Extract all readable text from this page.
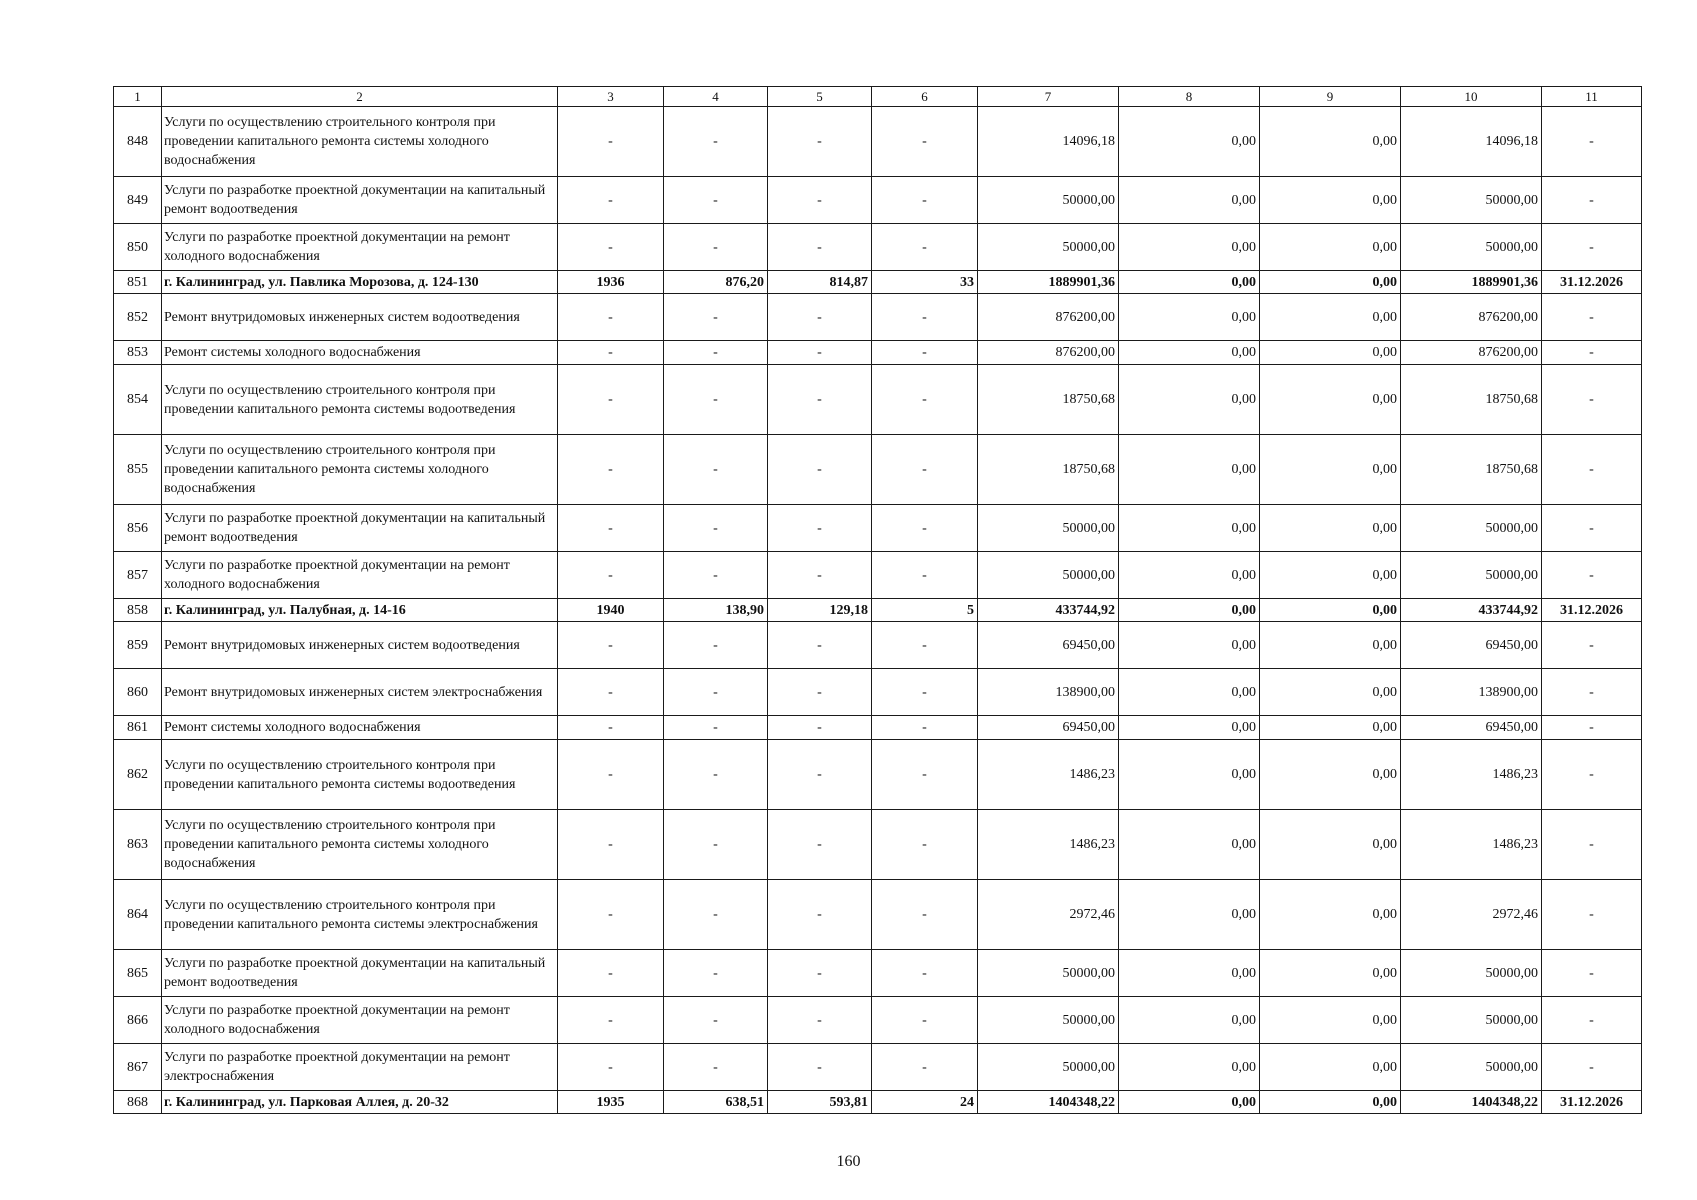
1	2	3	4	5	6	7	8	9	10	11
848	Услуги по осуществлению строительного контроля при проведении капитального ремонта системы холодного водоснабжения	-	-	-	-	14096,18	0,00	0,00	14096,18	-
849	Услуги по разработке проектной документации на капитальный ремонт водоотведения	-	-	-	-	50000,00	0,00	0,00	50000,00	-
850	Услуги по разработке проектной документации на ремонт холодного водоснабжения	-	-	-	-	50000,00	0,00	0,00	50000,00	-
851	г. Калининград, ул. Павлика Морозова, д. 124-130	1936	876,20	814,87	33	1889901,36	0,00	0,00	1889901,36	31.12.2026
852	Ремонт внутридомовых инженерных систем водоотведения	-	-	-	-	876200,00	0,00	0,00	876200,00	-
853	Ремонт системы холодного водоснабжения	-	-	-	-	876200,00	0,00	0,00	876200,00	-
854	Услуги по осуществлению строительного контроля при проведении капитального ремонта системы водоотведения	-	-	-	-	18750,68	0,00	0,00	18750,68	-
855	Услуги по осуществлению строительного контроля при проведении капитального ремонта системы холодного водоснабжения	-	-	-	-	18750,68	0,00	0,00	18750,68	-
856	Услуги по разработке проектной документации на капитальный ремонт водоотведения	-	-	-	-	50000,00	0,00	0,00	50000,00	-
857	Услуги по разработке проектной документации на ремонт холодного водоснабжения	-	-	-	-	50000,00	0,00	0,00	50000,00	-
858	г. Калининград, ул. Палубная, д. 14-16	1940	138,90	129,18	5	433744,92	0,00	0,00	433744,92	31.12.2026
859	Ремонт внутридомовых инженерных систем водоотведения	-	-	-	-	69450,00	0,00	0,00	69450,00	-
860	Ремонт внутридомовых инженерных систем электроснабжения	-	-	-	-	138900,00	0,00	0,00	138900,00	-
861	Ремонт системы холодного водоснабжения	-	-	-	-	69450,00	0,00	0,00	69450,00	-
862	Услуги по осуществлению строительного контроля при проведении капитального ремонта системы водоотведения	-	-	-	-	1486,23	0,00	0,00	1486,23	-
863	Услуги по осуществлению строительного контроля при проведении капитального ремонта системы холодного водоснабжения	-	-	-	-	1486,23	0,00	0,00	1486,23	-
864	Услуги по осуществлению строительного контроля при проведении капитального ремонта системы электроснабжения	-	-	-	-	2972,46	0,00	0,00	2972,46	-
865	Услуги по разработке проектной документации на капитальный ремонт водоотведения	-	-	-	-	50000,00	0,00	0,00	50000,00	-
866	Услуги по разработке проектной документации на ремонт холодного водоснабжения	-	-	-	-	50000,00	0,00	0,00	50000,00	-
867	Услуги по разработке проектной документации на ремонт электроснабжения	-	-	-	-	50000,00	0,00	0,00	50000,00	-
868	г. Калининград, ул. Парковая Аллея, д. 20-32	1935	638,51	593,81	24	1404348,22	0,00	0,00	1404348,22	31.12.2026
160
